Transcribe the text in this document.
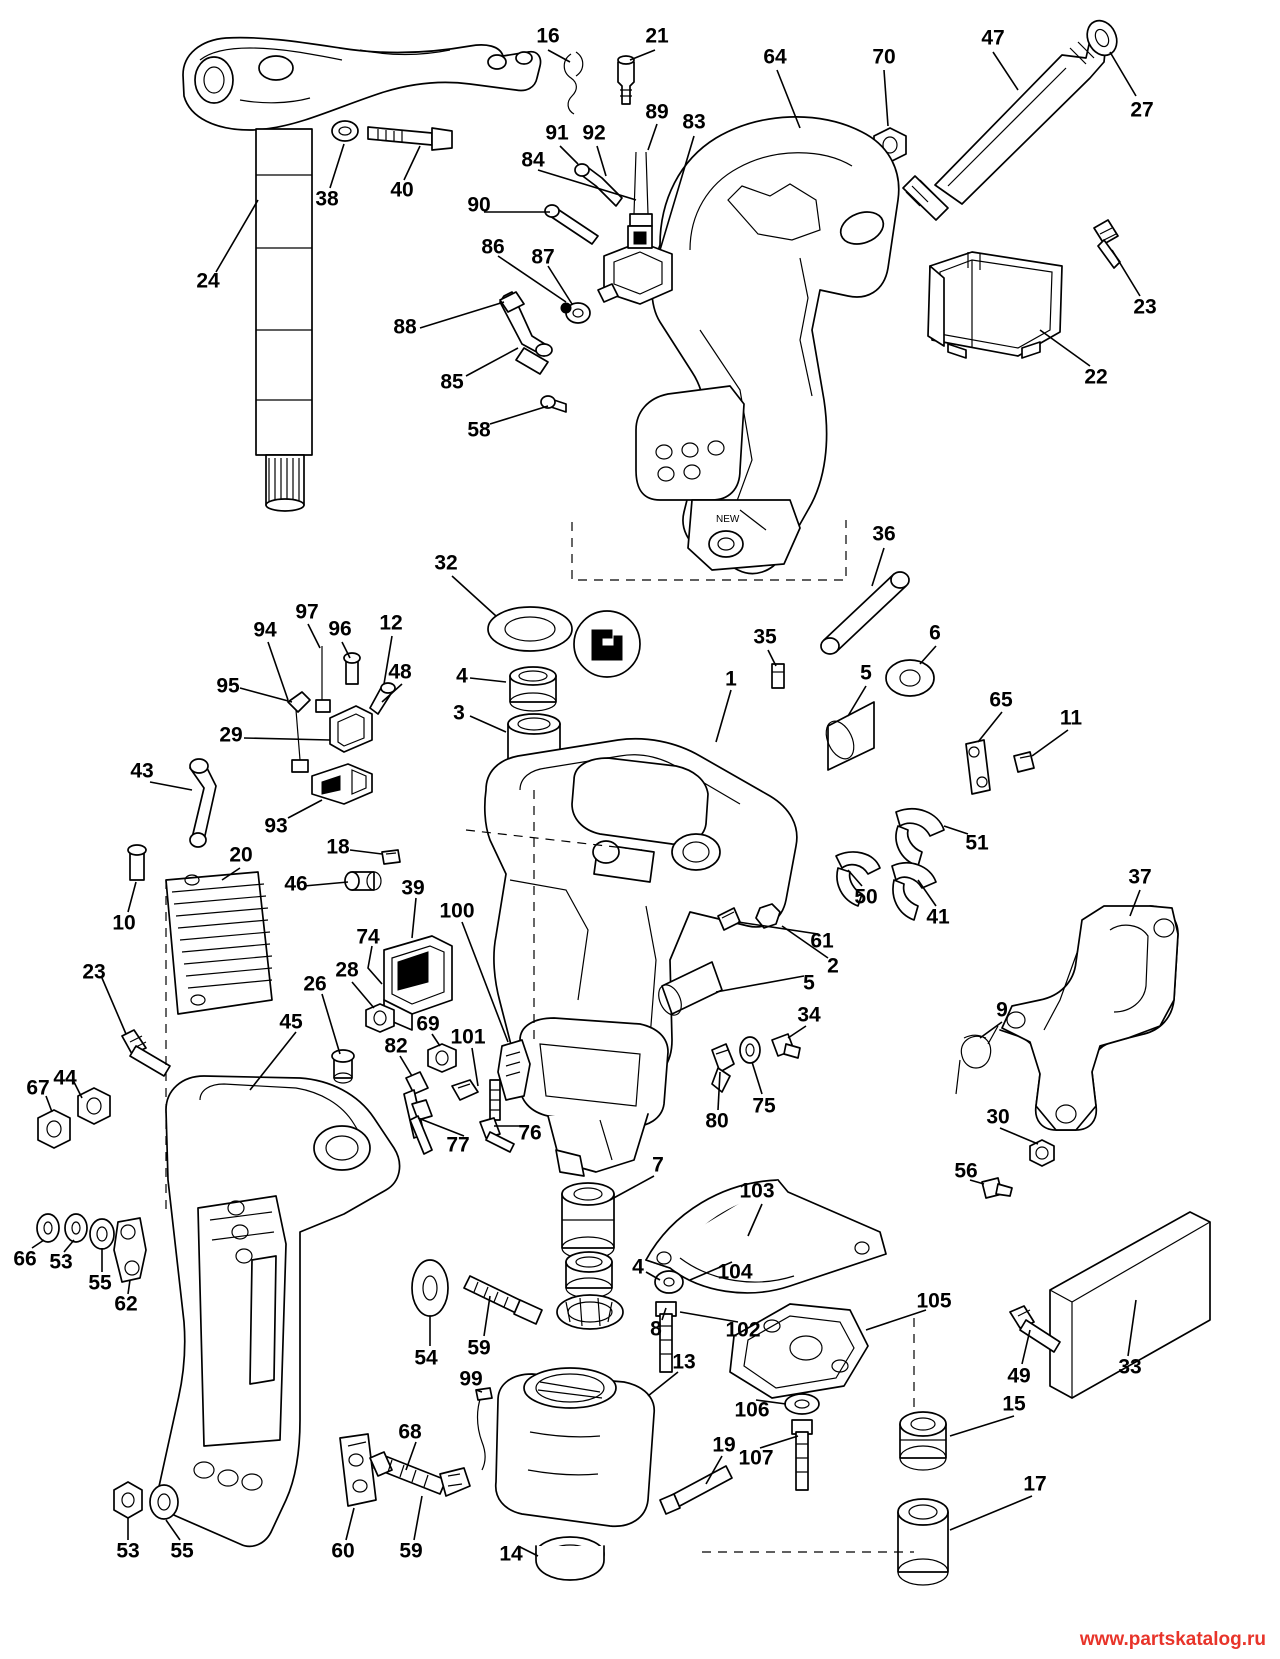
NEW
16	21
64	70
47
27
89 83
91 92
84
38 40
90
23
86 87
24
22
88
85
58
36
32
35	6
94
97
96 12
48 4	1	5
65
11
95
3
29
43
93
18	51
10
20
46	39
100
50
41
37
74	61
2
23
26
28
5
9
45	69
101
82
34
44
67
30
56
80
75
77
76
7
103
66 53
55
62
4	104
105
8	102
49	33
54 59
99
13
106	15
68
19
107
17
53 55	60 59	14
www.partskatalog.ru
